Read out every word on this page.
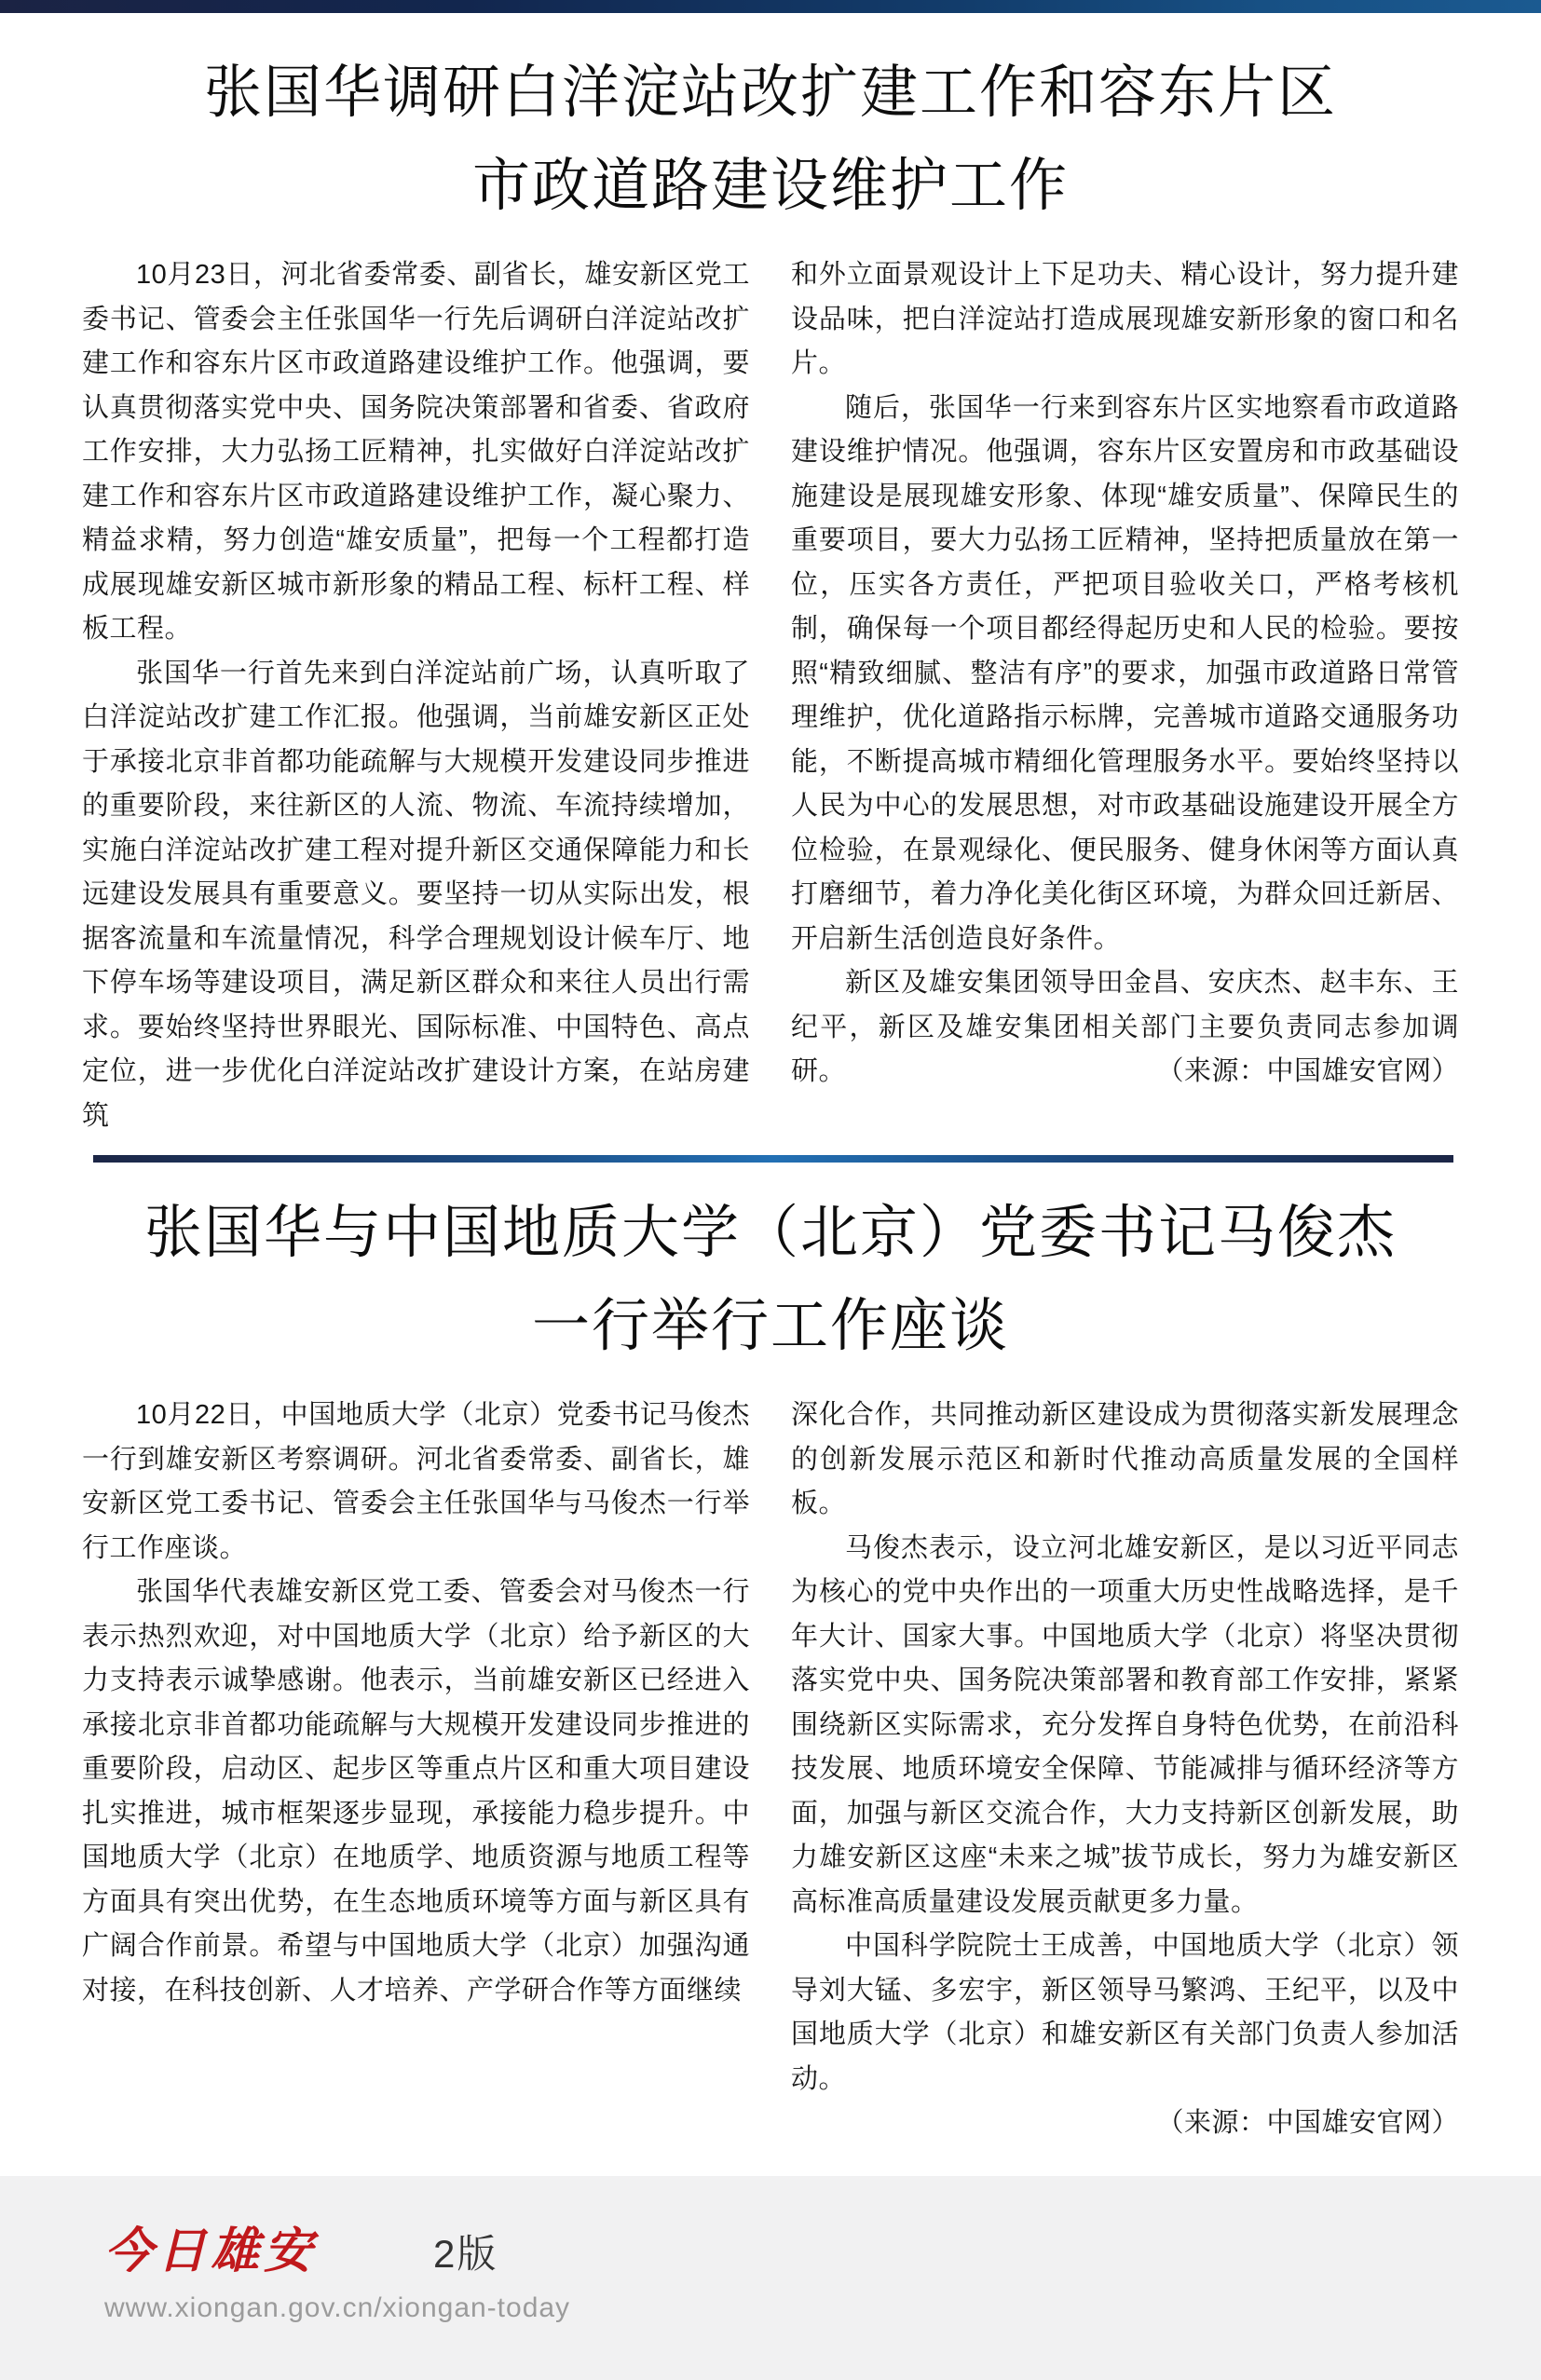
张国华调研白洋淀站改扩建工作和容东片区
市政道路建设维护工作

10月23日，河北省委常委、副省长，雄安新区党工委书记、管委会主任张国华一行先后调研白洋淀站改扩建工作和容东片区市政道路建设维护工作。他强调，要认真贯彻落实党中央、国务院决策部署和省委、省政府工作安排，大力弘扬工匠精神，扎实做好白洋淀站改扩建工作和容东片区市政道路建设维护工作，凝心聚力、精益求精，努力创造“雄安质量”，把每一个工程都打造成展现雄安新区城市新形象的精品工程、标杆工程、样板工程。

张国华一行首先来到白洋淀站前广场，认真听取了白洋淀站改扩建工作汇报。他强调，当前雄安新区正处于承接北京非首都功能疏解与大规模开发建设同步推进的重要阶段，来往新区的人流、物流、车流持续增加，实施白洋淀站改扩建工程对提升新区交通保障能力和长远建设发展具有重要意义。要坚持一切从实际出发，根据客流量和车流量情况，科学合理规划设计候车厅、地下停车场等建设项目，满足新区群众和来往人员出行需求。要始终坚持世界眼光、国际标准、中国特色、高点定位，进一步优化白洋淀站改扩建设计方案，在站房建筑

和外立面景观设计上下足功夫、精心设计，努力提升建设品味，把白洋淀站打造成展现雄安新形象的窗口和名片。

随后，张国华一行来到容东片区实地察看市政道路建设维护情况。他强调，容东片区安置房和市政基础设施建设是展现雄安形象、体现“雄安质量”、保障民生的重要项目，要大力弘扬工匠精神，坚持把质量放在第一位，压实各方责任，严把项目验收关口，严格考核机制，确保每一个项目都经得起历史和人民的检验。要按照“精致细腻、整洁有序”的要求，加强市政道路日常管理维护，优化道路指示标牌，完善城市道路交通服务功能，不断提高城市精细化管理服务水平。要始终坚持以人民为中心的发展思想，对市政基础设施建设开展全方位检验，在景观绿化、便民服务、健身休闲等方面认真打磨细节，着力净化美化街区环境，为群众回迁新居、开启新生活创造良好条件。

新区及雄安集团领导田金昌、安庆杰、赵丰东、王纪平，新区及雄安集团相关部门主要负责同志参加调研。	（来源：中国雄安官网）

张国华与中国地质大学（北京）党委书记马俊杰
一行举行工作座谈

10月22日，中国地质大学（北京）党委书记马俊杰一行到雄安新区考察调研。河北省委常委、副省长，雄安新区党工委书记、管委会主任张国华与马俊杰一行举行工作座谈。

张国华代表雄安新区党工委、管委会对马俊杰一行表示热烈欢迎，对中国地质大学（北京）给予新区的大力支持表示诚挚感谢。他表示，当前雄安新区已经进入承接北京非首都功能疏解与大规模开发建设同步推进的重要阶段，启动区、起步区等重点片区和重大项目建设扎实推进，城市框架逐步显现，承接能力稳步提升。中国地质大学（北京）在地质学、地质资源与地质工程等方面具有突出优势，在生态地质环境等方面与新区具有广阔合作前景。希望与中国地质大学（北京）加强沟通对接，在科技创新、人才培养、产学研合作等方面继续

深化合作，共同推动新区建设成为贯彻落实新发展理念的创新发展示范区和新时代推动高质量发展的全国样板。

马俊杰表示，设立河北雄安新区，是以习近平同志为核心的党中央作出的一项重大历史性战略选择，是千年大计、国家大事。中国地质大学（北京）将坚决贯彻落实党中央、国务院决策部署和教育部工作安排，紧紧围绕新区实际需求，充分发挥自身特色优势，在前沿科技发展、地质环境安全保障、节能减排与循环经济等方面，加强与新区交流合作，大力支持新区创新发展，助力雄安新区这座“未来之城”拔节成长，努力为雄安新区高标准高质量建设发展贡献更多力量。

中国科学院院士王成善，中国地质大学（北京）领导刘大锰、多宏宇，新区领导马繁鸿、王纪平，以及中国地质大学（北京）和雄安新区有关部门负责人参加活动。

（来源：中国雄安官网）

今日雄安	2版
www.xiongan.gov.cn/xiongan-today
